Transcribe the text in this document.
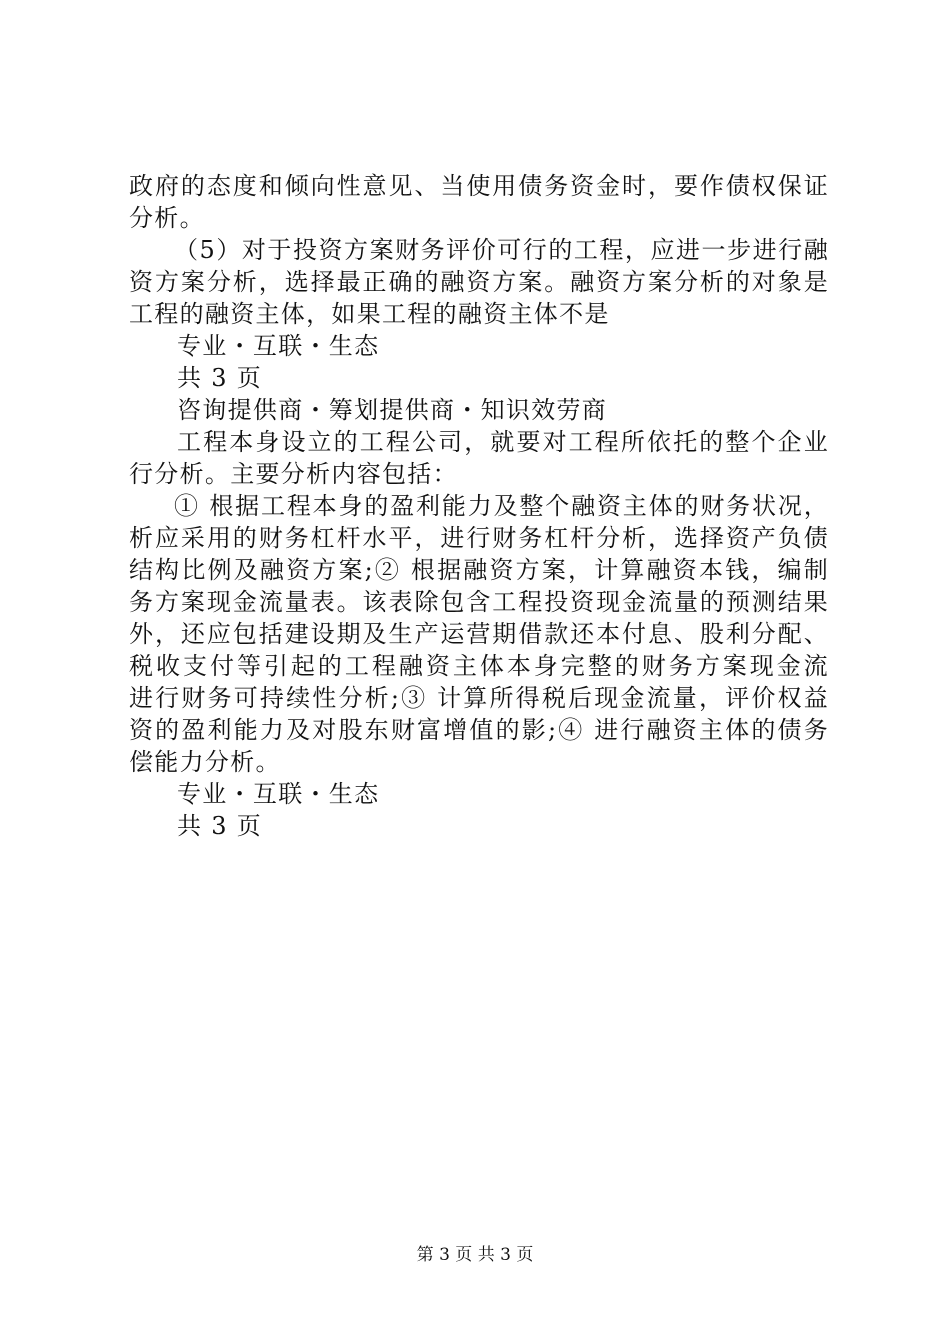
政府的态度和倾向性意见、当使用债务资金时，要作债权保证
分析。
（5）对于投资方案财务评价可行的工程，应进一步进行融
资方案分析，选择最正确的融资方案。融资方案分析的对象是
工程的融资主体，如果工程的融资主体不是
专业・互联・生态
共 3 页
咨询提供商・筹划提供商・知识效劳商
工程本身设立的工程公司，就要对工程所依托的整个企业
行分析。主要分析内容包括：
① 根据工程本身的盈利能力及整个融资主体的财务状况，
析应采用的财务杠杆水平，进行财务杠杆分析，选择资产负债
结构比例及融资方案;② 根据融资方案，计算融资本钱，编制
务方案现金流量表。该表除包含工程投资现金流量的预测结果
外，还应包括建设期及生产运营期借款还本付息、股利分配、
税收支付等引起的工程融资主体本身完整的财务方案现金流
进行财务可持续性分析;③ 计算所得税后现金流量，评价权益
资的盈利能力及对股东财富增值的影;④ 进行融资主体的债务
偿能力分析。
专业・互联・生态
共 3 页
第 3 页 共 3 页
